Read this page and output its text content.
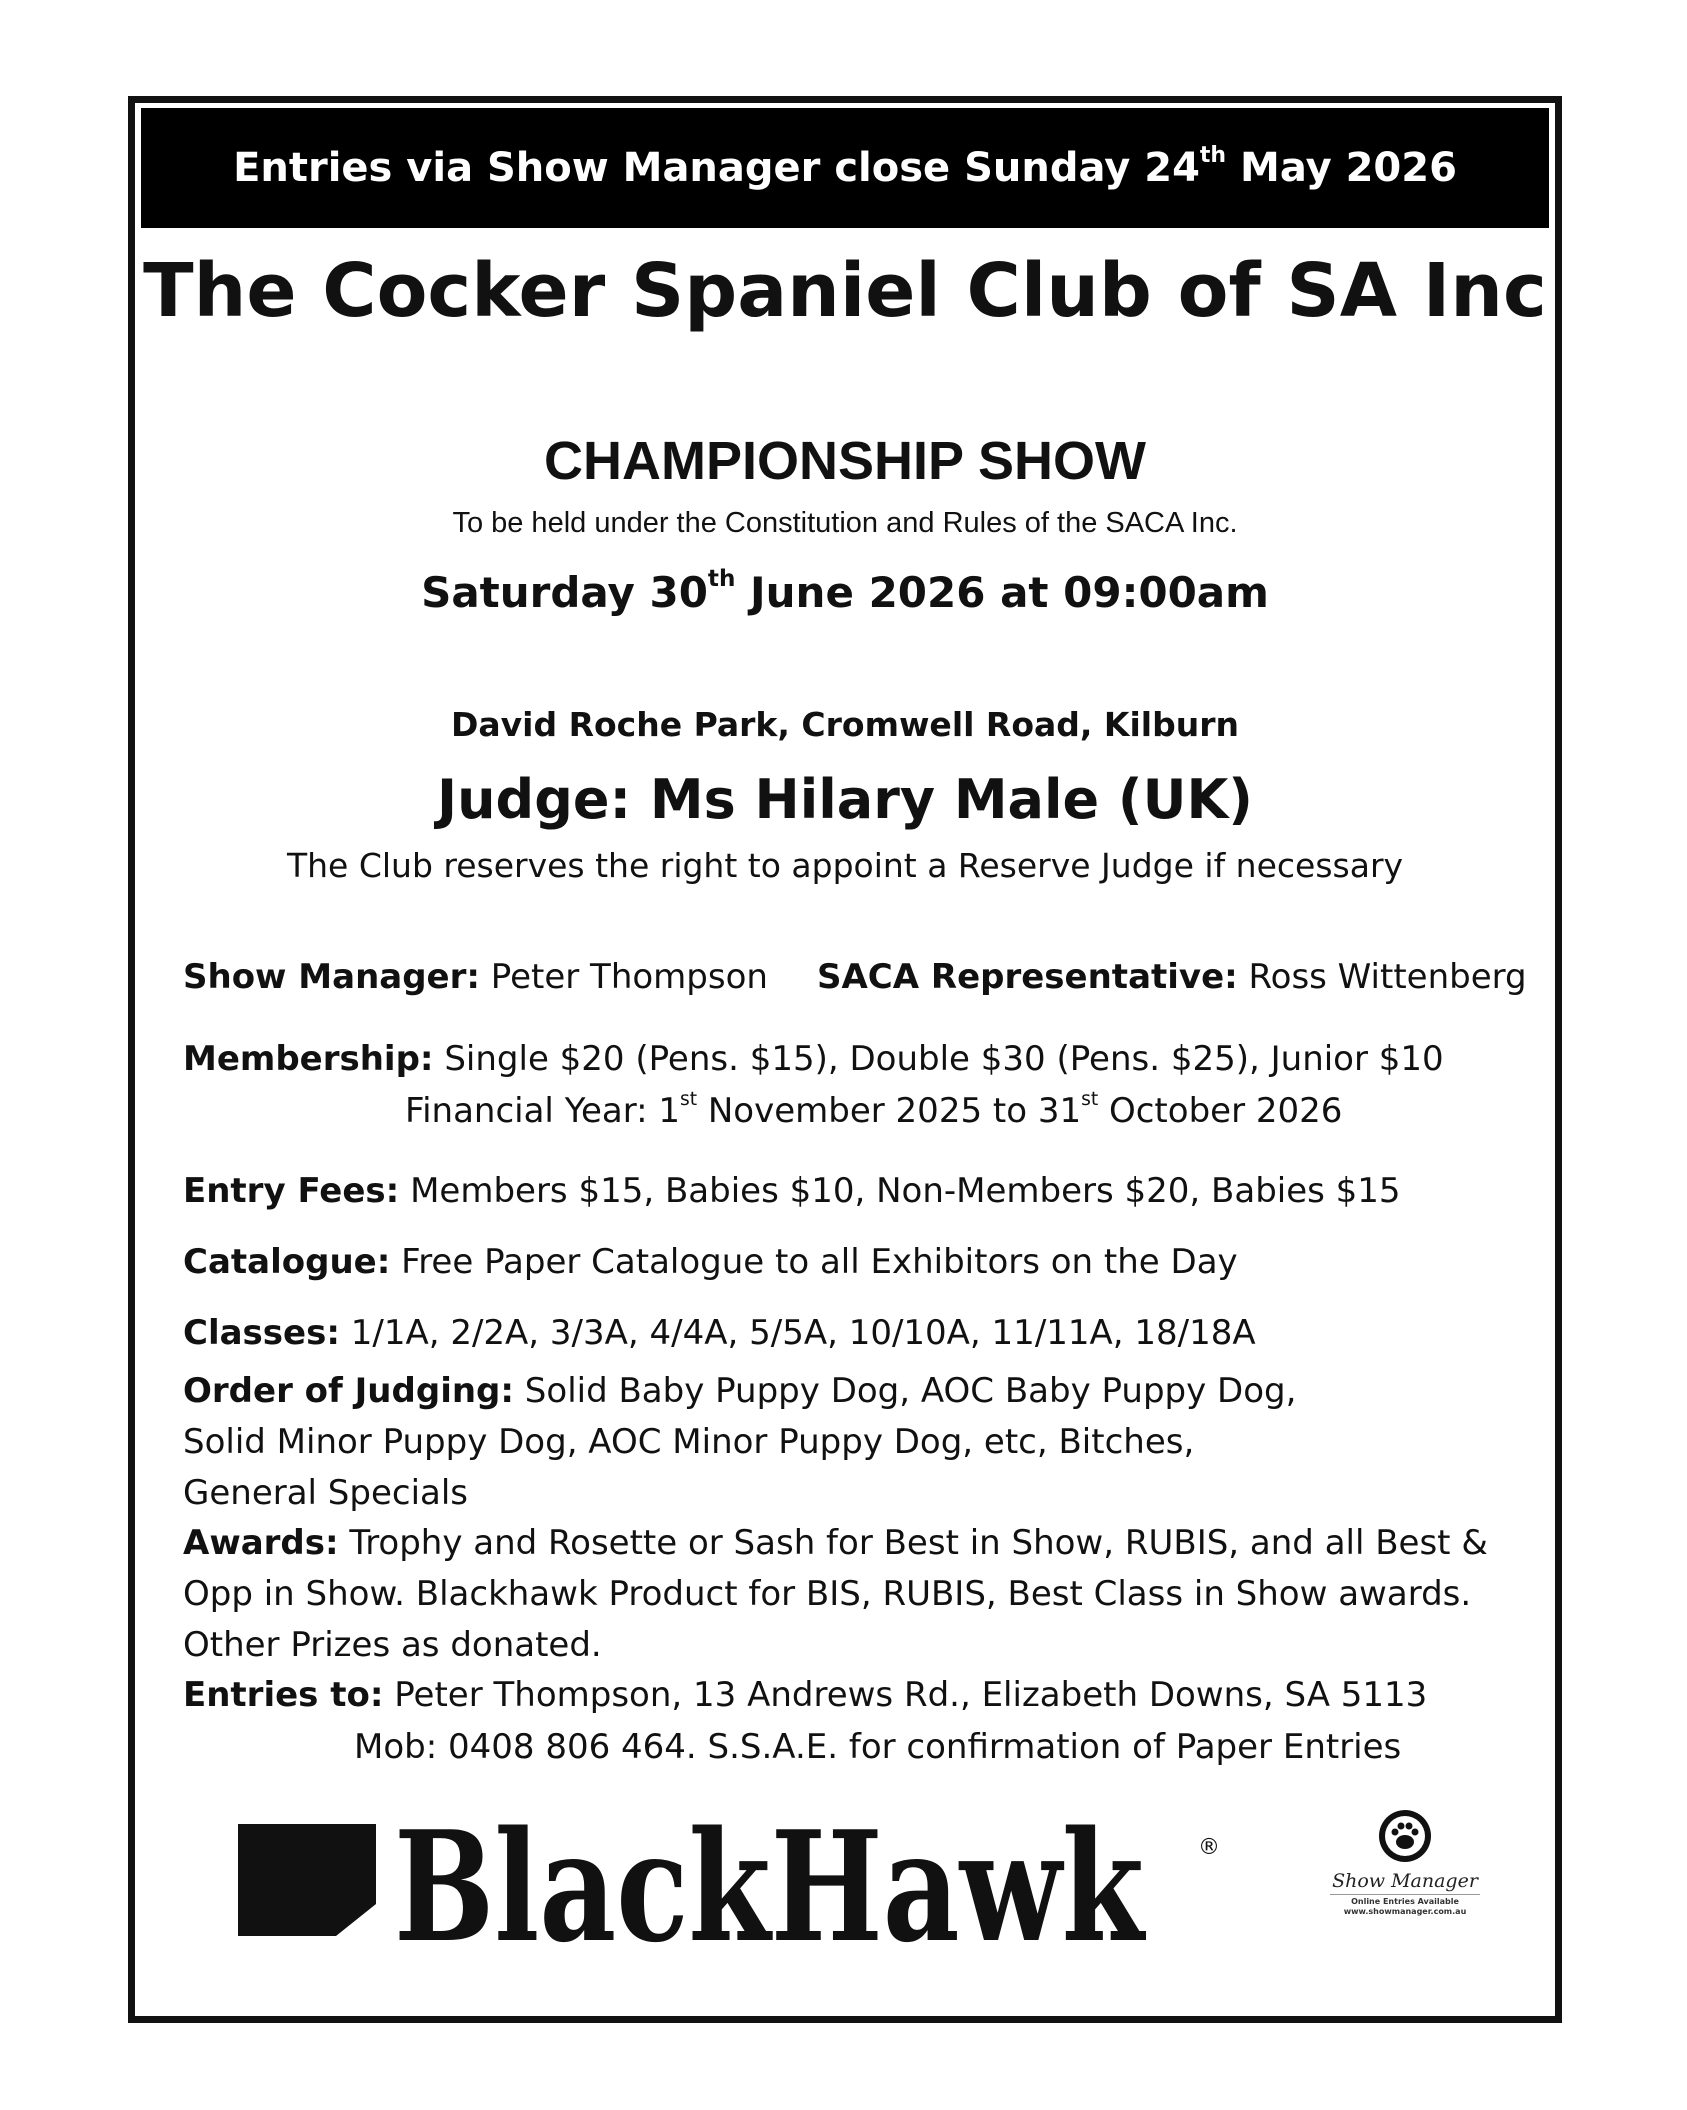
Entries via Show Manager close Sunday 24th May 2026
The Cocker Spaniel Club of SA Inc
CHAMPIONSHIP SHOW
To be held under the Constitution and Rules of the SACA Inc.
Saturday 30th June 2026 at 09:00am
David Roche Park, Cromwell Road, Kilburn
Judge: Ms Hilary Male (UK)
The Club reserves the right to appoint a Reserve Judge if necessary
Show Manager: Peter Thompson SACA Representative: Ross Wittenberg
Membership: Single $20 (Pens. $15), Double $30 (Pens. $25), Junior $10
Financial Year: 1st November 2025 to 31st October 2026
Entry Fees: Members $15, Babies $10, Non-Members $20, Babies $15
Catalogue: Free Paper Catalogue to all Exhibitors on the Day
Classes: 1/1A, 2/2A, 3/3A, 4/4A, 5/5A, 10/10A, 11/11A, 18/18A
Order of Judging: Solid Baby Puppy Dog, AOC Baby Puppy Dog,
Solid Minor Puppy Dog, AOC Minor Puppy Dog, etc, Bitches,
General Specials
Awards: Trophy and Rosette or Sash for Best in Show, RUBIS, and all Best &
Opp in Show. Blackhawk Product for BIS, RUBIS, Best Class in Show awards.
Other Prizes as donated.
Entries to: Peter Thompson, 13 Andrews Rd., Elizabeth Downs, SA 5113
Mob: 0408 806 464. S.S.A.E. for confirmation of Paper Entries
BlackHawk ®
Show Manager
Online Entries Available
www.showmanager.com.au
